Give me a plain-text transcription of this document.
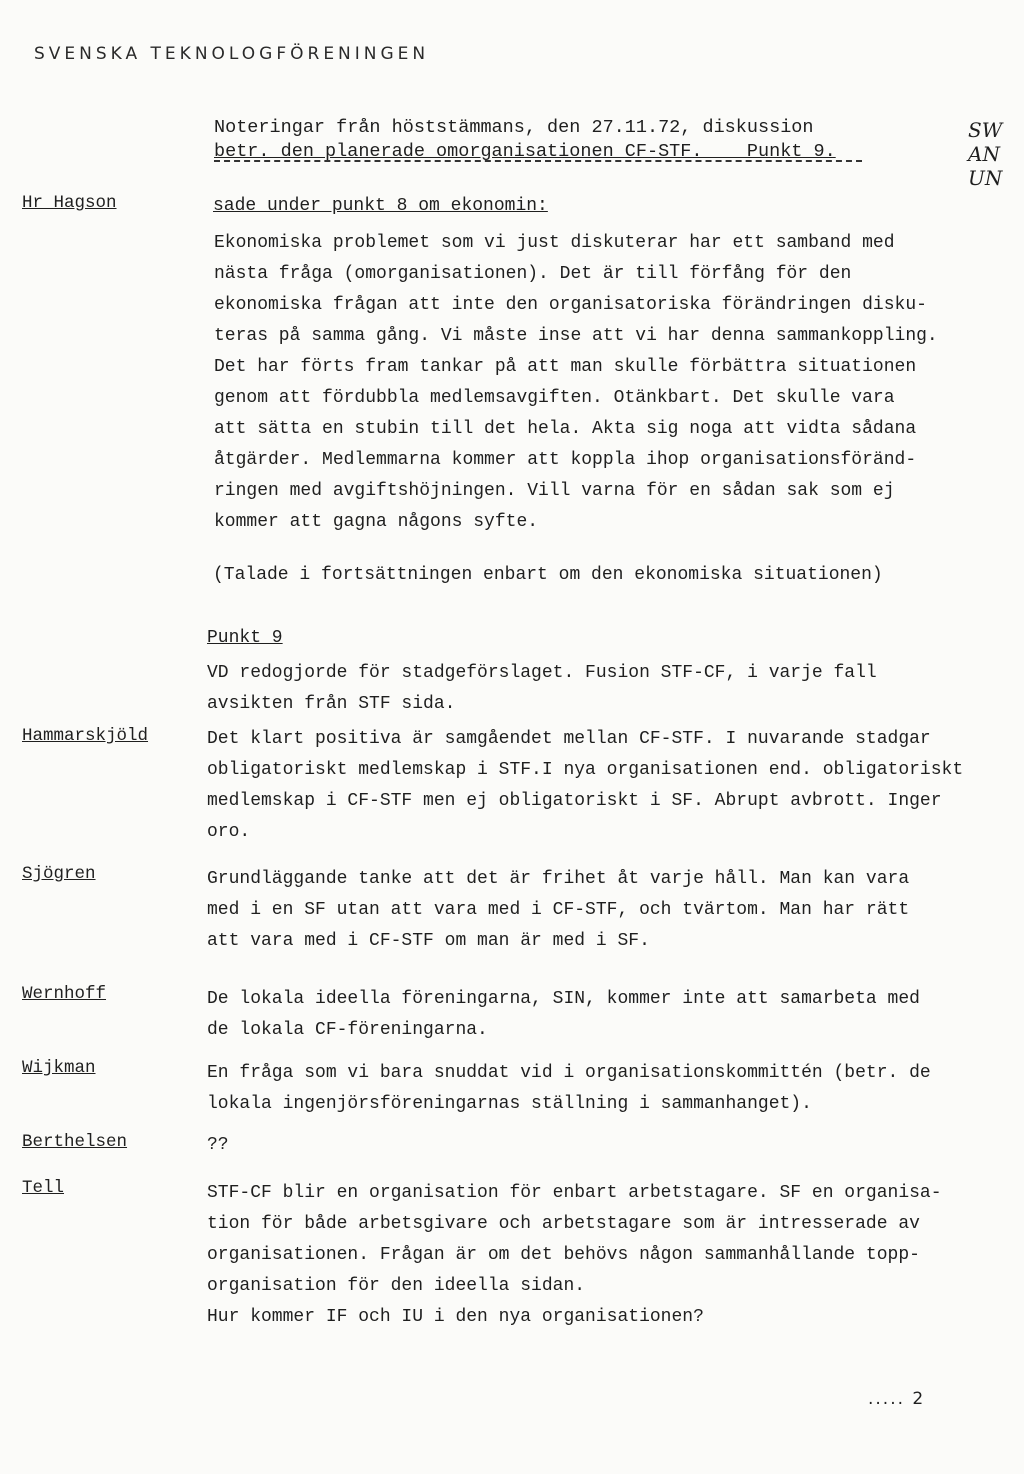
SVENSKA TEKNOLOGFÖRENINGEN
Noteringar från höststämmans, den 27.11.72, diskussion
betr. den planerade omorganisationen CF-STF.    Punkt 9.
SW
AN
UN
Hr Hagson	sade under punkt 8 om ekonomin:
Ekonomiska problemet som vi just diskuterar har ett samband med
nästa fråga (omorganisationen). Det är till förfång för den
ekonomiska frågan att inte den organisatoriska förändringen disku-
teras på samma gång. Vi måste inse att vi har denna sammankoppling.
Det har förts fram tankar på att man skulle förbättra situationen
genom att fördubbla medlemsavgiften. Otänkbart. Det skulle vara
att sätta en stubin till det hela. Akta sig noga att vidta sådana
åtgärder. Medlemmarna kommer att koppla ihop organisationsföränd-
ringen med avgiftshöjningen. Vill varna för en sådan sak som ej
kommer att gagna någons syfte.
(Talade i fortsättningen enbart om den ekonomiska situationen)
Punkt 9
VD redogjorde för stadgeförslaget. Fusion STF-CF, i varje fall
avsikten från STF sida.
Hammarskjöld	Det klart positiva är samgåendet mellan CF-STF. I nuvarande stadgar
obligatoriskt medlemskap i STF.I nya organisationen end. obligatoriskt
medlemskap i CF-STF men ej obligatoriskt i SF. Abrupt avbrott. Inger
oro.
Sjögren	Grundläggande tanke att det är frihet åt varje håll. Man kan vara
med i en SF utan att vara med i CF-STF, och tvärtom. Man har rätt
att vara med i CF-STF om man är med i SF.
Wernhoff	De lokala ideella föreningarna, SIN, kommer inte att samarbeta med
de lokala CF-föreningarna.
Wijkman	En fråga som vi bara snuddat vid i organisationskommittén (betr. de
lokala ingenjörsföreningarnas ställning i sammanhanget).
Berthelsen	??
Tell	STF-CF blir en organisation för enbart arbetstagare. SF en organisa-
tion för både arbetsgivare och arbetstagare som är intresserade av
organisationen. Frågan är om det behövs någon sammanhållande topp-
organisation för den ideella sidan.
Hur kommer IF och IU i den nya organisationen?
..... 2
